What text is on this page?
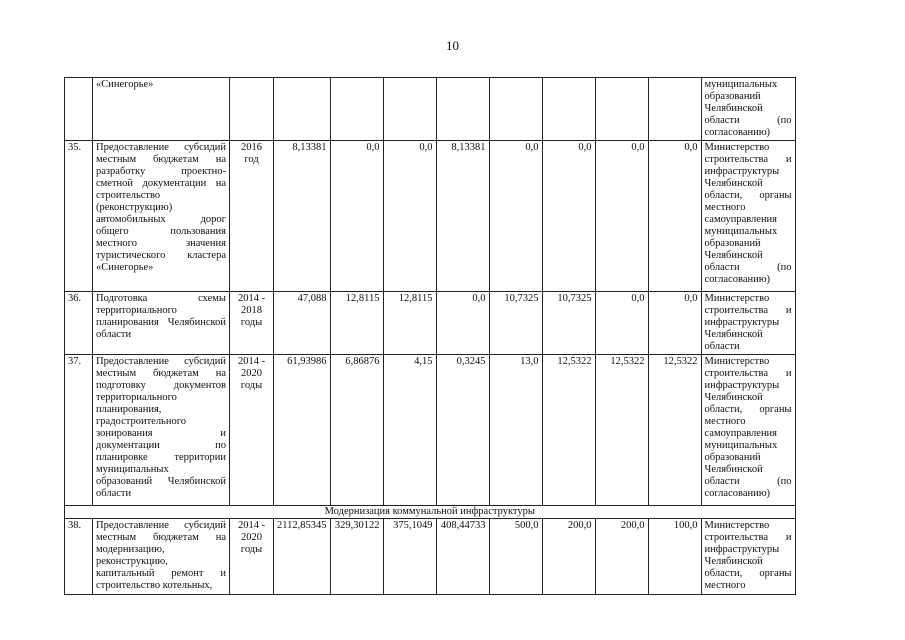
10
	«Синегорье»										муниципальных образований Челябинской области (по согласованию)
35.	Предоставление субсидий местным бюджетам на разработку проектно-сметной документации на строительство (реконструкцию) автомобильных дорог общего пользования местного значения туристического кластера «Синегорье»	2016 год	8,13381	0,0	0,0	8,13381	0,0	0,0	0,0	0,0	Министерство строительства и инфраструктуры Челябинской области, органы местного самоуправления муниципальных образований Челябинской области (по согласованию)
36.	Подготовка схемы территориального планирования Челябинской области	2014 - 2018 годы	47,088	12,8115	12,8115	0,0	10,7325	10,7325	0,0	0,0	Министерство строительства и инфраструктуры Челябинской области
37.	Предоставление субсидий местным бюджетам на подготовку документов территориального планирования, градостроительного зонирования и документации по планировке территории муниципальных образований Челябинской области	2014 - 2020 годы	61,93986	6,86876	4,15	0,3245	13,0	12,5322	12,5322	12,5322	Министерство строительства и инфраструктуры Челябинской области, органы местного самоуправления муниципальных образований Челябинской области (по согласованию)
Модернизация коммунальной инфраструктуры											
38.	Предоставление субсидий местным бюджетам на модернизацию, реконструкцию, капитальный ремонт и строительство котельных,	2014 - 2020 годы	2112,85345	329,30122	375,1049	408,44733	500,0	200,0	200,0	100,0	Министерство строительства и инфраструктуры Челябинской области, органы местного
